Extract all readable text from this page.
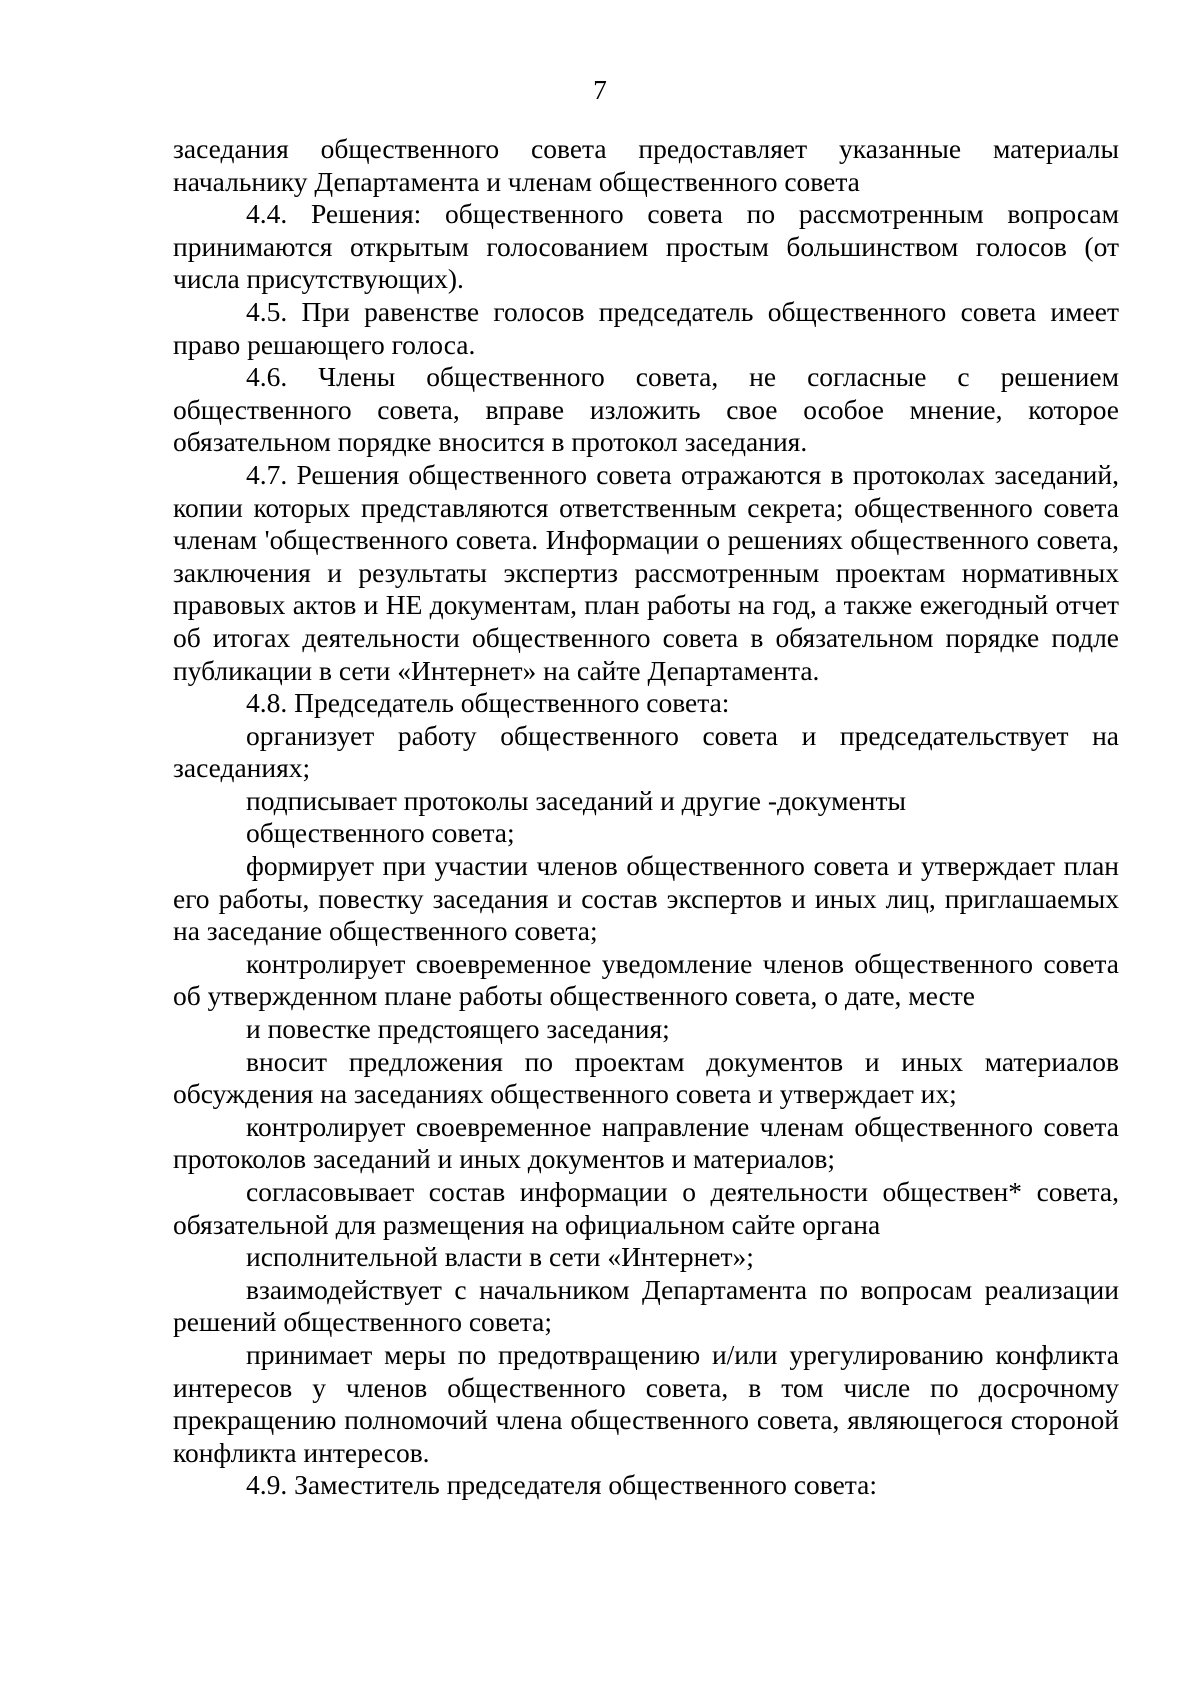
7

заседания общественного совета предоставляет указанные материалы начальнику Департамента и членам общественного совета

4.4. Решения: общественного совета по рассмотренным вопросам принимаются открытым голосованием простым большинством голосов (от числа присутствующих).

4.5. При равенстве голосов председатель общественного совета имеет право решающего голоса.

4.6. Члены общественного совета, не согласные с решением общественного совета, вправе изложить свое особое мнение, которое обязательном порядке вносится в протокол заседания.

4.7. Решения общественного совета отражаются в протоколах заседаний, копии которых представляются ответственным секрета; общественного совета членам 'общественного совета. Информации о решениях общественного совета, заключения и результаты экспертиз рассмотренным проектам нормативных правовых актов и НЕ документам, план работы на год, а также ежегодный отчет об итогах деятельности общественного совета в обязательном порядке подле публикации в сети «Интернет» на сайте Департамента.

4.8. Председатель общественного совета:

организует работу общественного совета и председательствует на заседаниях;

подписывает протоколы заседаний и другие -документы

общественного совета;

формирует при участии членов общественного совета и утверждает план его работы, повестку заседания и состав экспертов и иных лиц, приглашаемых на заседание общественного совета;

контролирует своевременное уведомление членов общественного совета об утвержденном плане работы общественного совета, о дате, месте

и повестке предстоящего заседания;

вносит предложения по проектам документов и иных материалов обсуждения на заседаниях общественного совета и утверждает их;

контролирует своевременное направление членам общественного совета протоколов заседаний и иных документов и материалов;

согласовывает состав информации о деятельности обществен* совета, обязательной для размещения на официальном сайте органа

исполнительной власти в сети «Интернет»;

взаимодействует с начальником Департамента по вопросам реализации решений общественного совета;

принимает меры по предотвращению и/или урегулированию конфликта интересов у членов общественного совета, в том числе по досрочному прекращению полномочий члена общественного совета, являющегося стороной конфликта интересов.

4.9. Заместитель председателя общественного совета:
